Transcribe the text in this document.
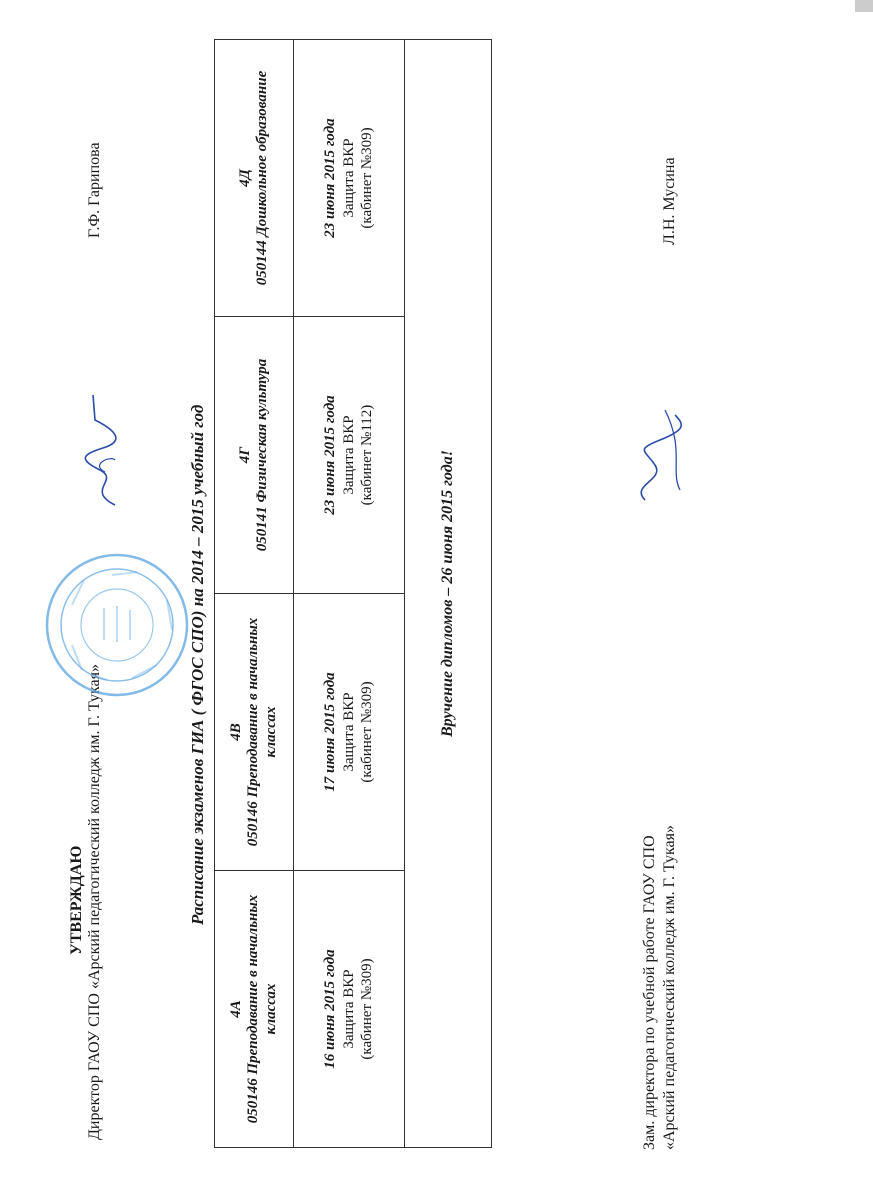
УТВЕРЖДАЮ Директор ГАОУ СПО «Арский педагогический колледж им. Г. Тукая»
Г.Ф. Гарипова
Расписание экзаменов ГИА ( ФГОС СПО) на 2014 – 2015 учебный год
4А 050146 Преподавание в начальных классах	4В 050146 Преподавание в начальных классах	4Г 050141 Физическая культура	4Д 050144 Дошкольное образование

16 июня 2015 года Защита ВКР (кабинет №309)	17 июня 2015 года Защита ВКР (кабинет №309)	23 июня 2015 года Защита ВКР (кабинет №112)	23 июня 2015 года Защита ВКР (кабинет №309)

Вручение дипломов – 26 июня 2015 года!			
Зам. директора по учебной работе ГАОУ СПО «Арский педагогический колледж им. Г. Тукая»
Л.Н. Мусина
